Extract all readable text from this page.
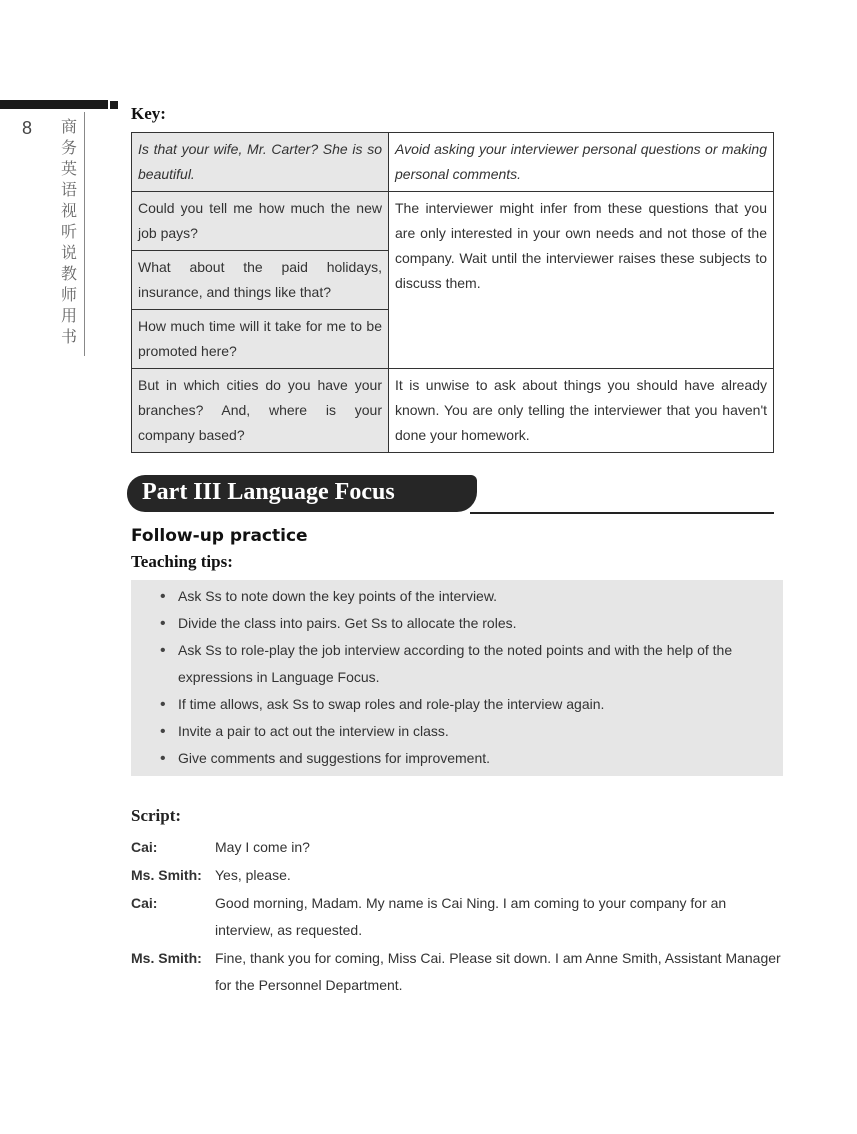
8 商务英语视听说教师用书
Key:
Is that your wife, Mr. Carter? She is so beautiful.	Avoid asking your interviewer personal questions or making personal comments.
Could you tell me how much the new job pays?	The interviewer might infer from these questions that you are only interested in your own needs and not those of the company. Wait until the interviewer raises these subjects to discuss them.
What about the paid holidays, insurance, and things like that?	
How much time will it take for me to be promoted here?	
But in which cities do you have your branches? And, where is your company based?	It is unwise to ask about things you should have already known. You are only telling the interviewer that you haven't done your homework.
Part III Language Focus
Follow-up practice
Teaching tips:
• Ask Ss to note down the key points of the interview.
• Divide the class into pairs. Get Ss to allocate the roles.
• Ask Ss to role-play the job interview according to the noted points and with the help of the expressions in Language Focus.
• If time allows, ask Ss to swap roles and role-play the interview again.
• Invite a pair to act out the interview in class.
• Give comments and suggestions for improvement.
Script:
Cai:	May I come in?
Ms. Smith: Yes, please.
Cai:	Good morning, Madam. My name is Cai Ning. I am coming to your company for an interview, as requested.
Ms. Smith: Fine, thank you for coming, Miss Cai. Please sit down. I am Anne Smith, Assistant Manager for the Personnel Department.
